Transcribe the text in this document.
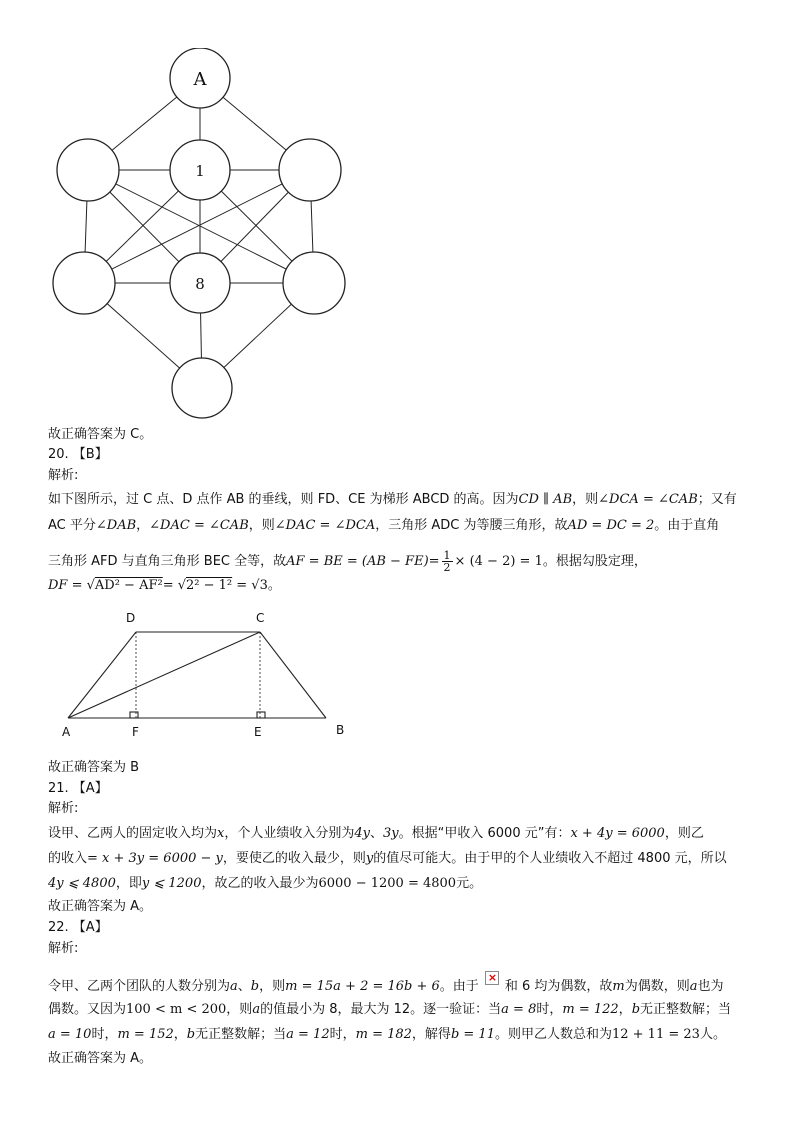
A
1
8
故正确答案为 C。
20. 【B】
解析:
如下图所示，过 C 点、D 点作 AB 的垂线，则 FD、CE 为梯形 ABCD 的高。因为CD ∥ AB，则∠DCA = ∠CAB；又有
AC 平分∠DAB，∠DAC = ∠CAB，则∠DAC = ∠DCA，三角形 ADC 为等腰三角形，故AD = DC = 2。由于直角
三角形 AFD 与直角三角形 BEC 全等，故AF = BE = $(AB - FE)= \frac{1}{2} \times (4 - 2) = 1$。根据勾股定理，
DF = √AD² − AF²= √2² − 1² = √3。
D	C
A	F	E	B
故正确答案为 B
21. 【A】
解析:
设甲、乙两人的固定收入均为x，个人业绩收入分别为4y、3y。根据“甲收入 6000 元”有：x + 4y = 6000，则乙
的收入= x + 3y = 6000 − y，要使乙的收入最少，则y的值尽可能大。由于甲的个人业绩收入不超过 4800 元，所以
4y ⩽ 4800，即y ⩽ 1200，故乙的收入最少为6000 − 1200 = 4800元。
故正确答案为 A。
22. 【A】
解析:
令甲、乙两个团队的人数分别为a、b，则m = 15a + 2 = 16b + 6。由于× 和 6 均为偶数，故m为偶数，则a也为
偶数。又因为100 < m < 200，则a的值最小为 8，最大为 12。逐一验证：当a = 8时，m = 122，b无正整数解；当
a = 10时，m = 152，b无正整数解；当a = 12时，m = 182，解得b = 11。则甲乙人数总和为12 + 11 = 23人。
故正确答案为 A。
